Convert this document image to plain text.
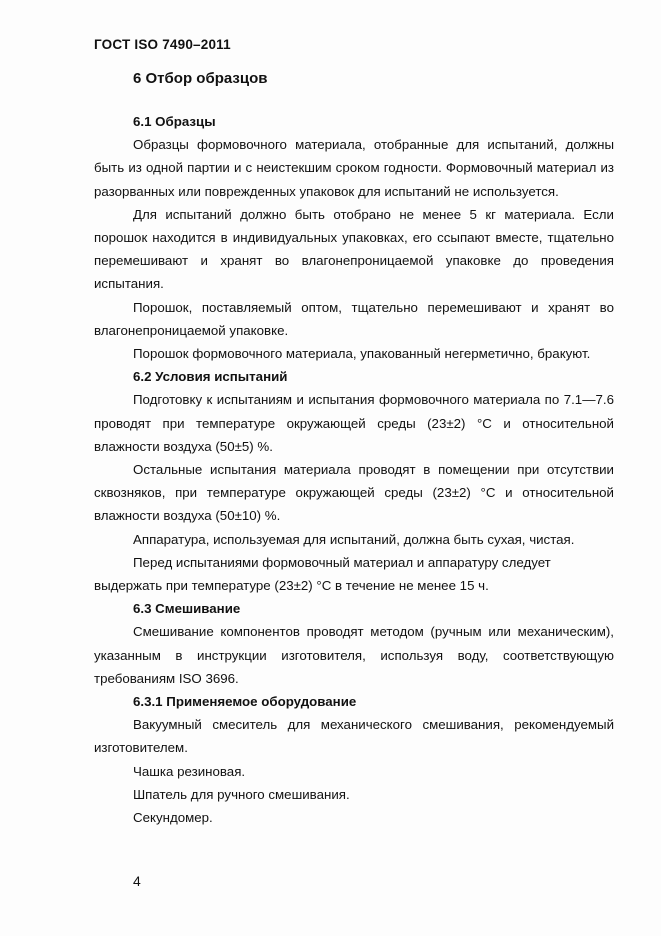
ГОСТ ISO 7490–2011
6 Отбор образцов

6.1 Образцы

Образцы формовочного материала, отобранные для испытаний, должны быть из одной партии и с неистекшим сроком годности. Формовочный материал из разорванных или поврежденных упаковок для испытаний не используется.

Для испытаний должно быть отобрано не менее 5 кг материала. Если порошок находится в индивидуальных упаковках, его ссыпают вместе, тщательно перемешивают и хранят во влагонепроницаемой упаковке до проведения испытания.

Порошок, поставляемый оптом, тщательно перемешивают и хранят во влагонепроницаемой упаковке.

Порошок формовочного материала, упакованный негерметично, бракуют.

6.2 Условия испытаний

Подготовку к испытаниям и испытания формовочного материала по 7.1—7.6 проводят при температуре окружающей среды (23±2) °С и относительной влажности воздуха (50±5) %.

Остальные испытания материала проводят в помещении при отсутствии сквозняков, при температуре окружающей среды (23±2) °С и относительной влажности воздуха (50±10) %.

Аппаратура, используемая для испытаний, должна быть сухая, чистая.

Перед испытаниями формовочный материал и аппаратуру следует

выдержать при температуре (23±2) °С в течение не менее 15 ч.

6.3 Смешивание

Смешивание компонентов проводят методом (ручным или механическим), указанным в инструкции изготовителя, используя воду, соответствующую требованиям ISO 3696.

6.3.1 Применяемое оборудование

Вакуумный смеситель для механического смешивания, рекомендуемый изготовителем.

Чашка резиновая.

Шпатель для ручного смешивания.

Секундомер.

4
